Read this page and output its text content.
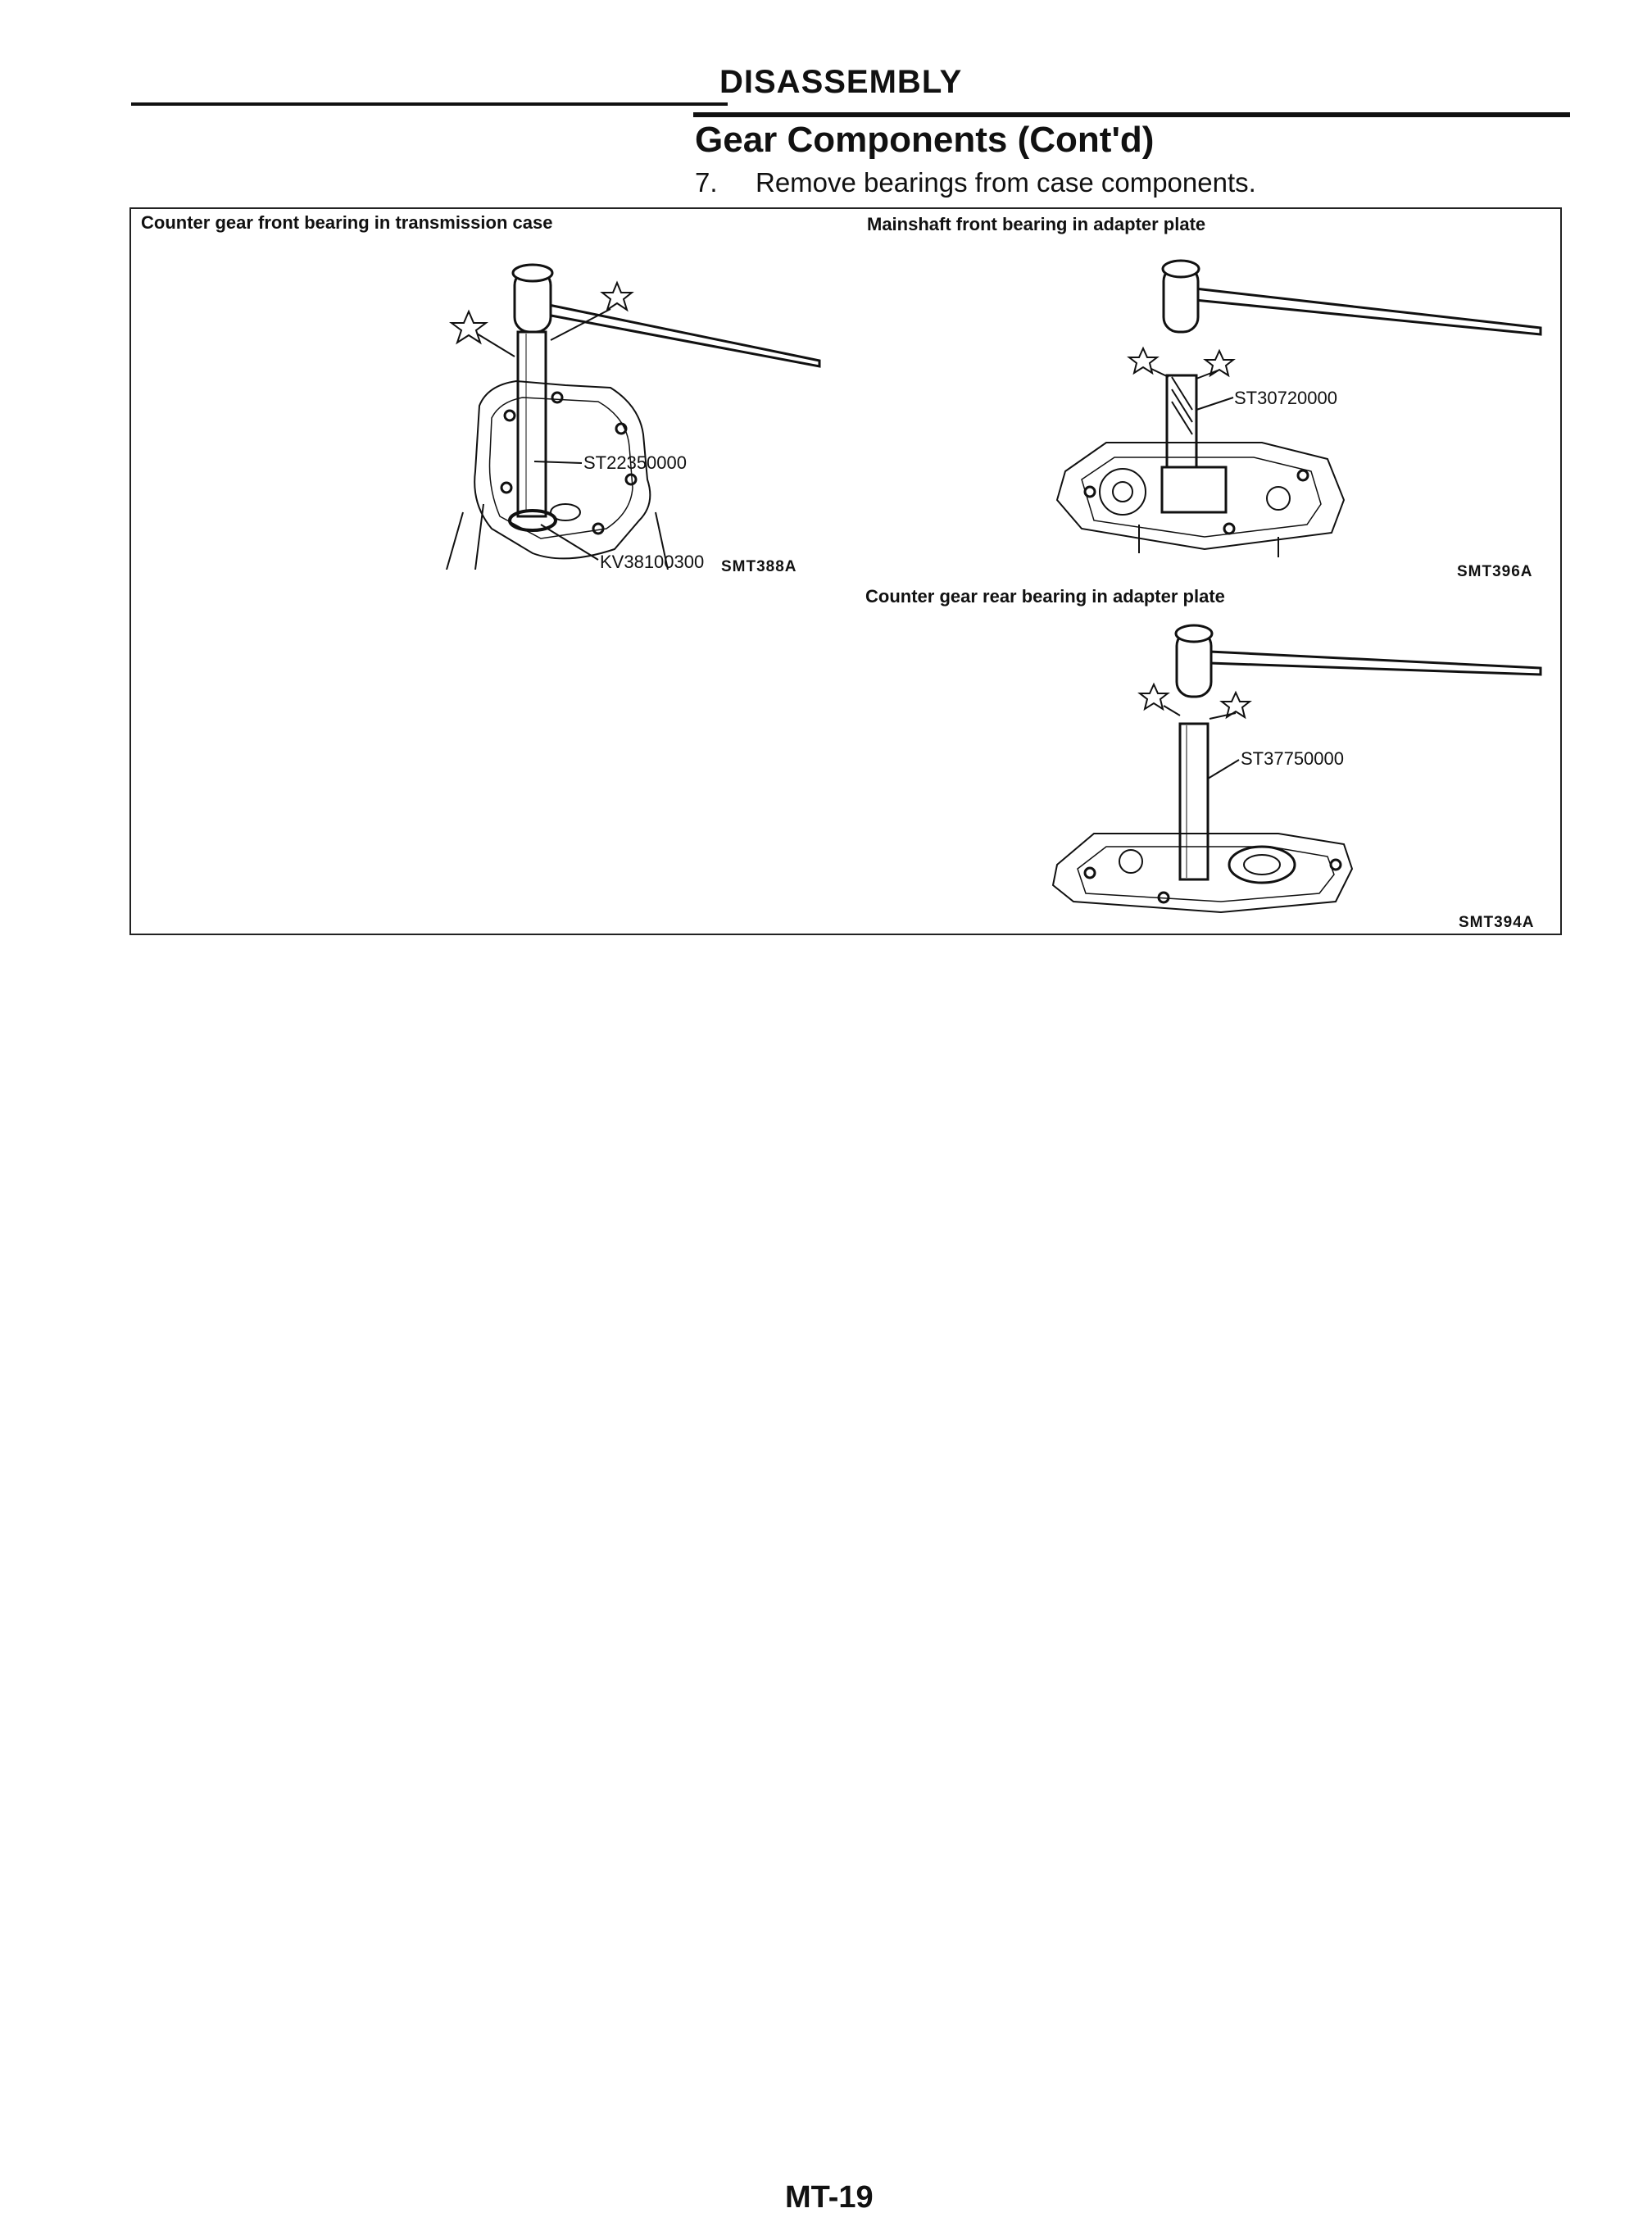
DISASSEMBLY
Gear Components (Cont'd)
7. Remove bearings from case components.
Counter gear front bearing in transmission case
ST22350000
KV38100300 SMT388A
Mainshaft front bearing in adapter plate
ST30720000
SMT396A
Counter gear rear bearing in adapter plate
ST37750000
SMT394A
MT-19
